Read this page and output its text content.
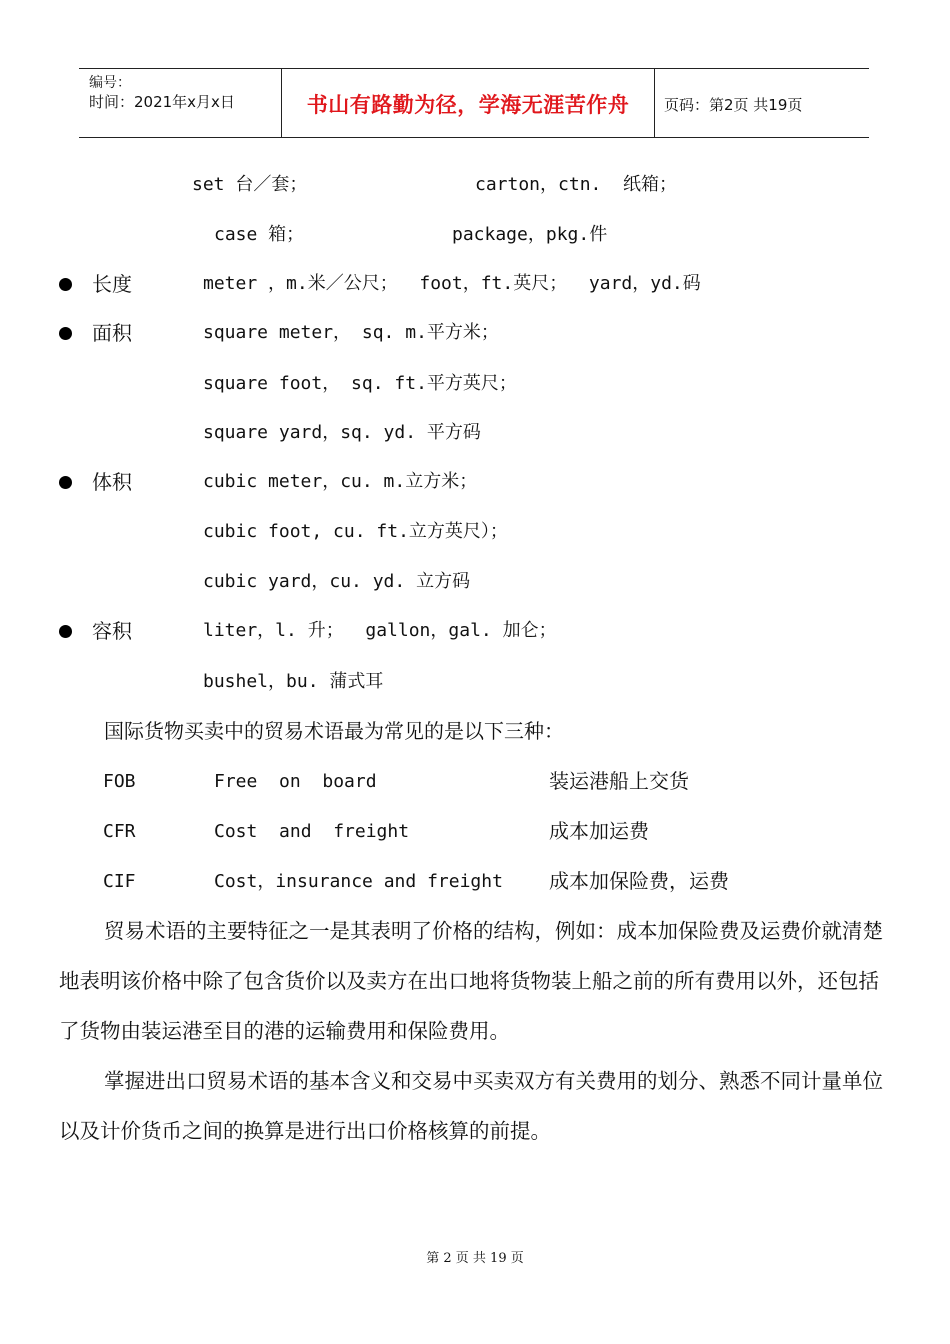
编号：
时间：2021年x月x日	书山有路勤为径，学海无涯苦作舟	页码：第2页 共19页
set 台／套；	carton，ctn.  纸箱；
case 箱；	package，pkg.件
长度	meter ，m.米／公尺；  foot，ft.英尺；  yard，yd.码
面积	square meter， sq. m.平方米；
square foot， sq. ft.平方英尺；
square yard，sq. yd. 平方码
体积	cubic meter，cu. m.立方米；
cubic foot, cu. ft.立方英尺）；
cubic yard，cu. yd. 立方码
容积	liter，l. 升；  gallon，gal. 加仑；
bushel，bu. 蒲式耳
国际货物买卖中的贸易术语最为常见的是以下三种：
FOB	Free  on  board	装运港船上交货
CFR	Cost  and  freight	成本加运费
CIF	Cost，insurance and freight 成本加保险费，运费
贸易术语的主要特征之一是其表明了价格的结构，例如：成本加保险费及运费价就清楚地表明该价格中除了包含货价以及卖方在出口地将货物装上船之前的所有费用以外，还包括了货物由装运港至目的港的运输费用和保险费用。
掌握进出口贸易术语的基本含义和交易中买卖双方有关费用的划分、熟悉不同计量单位以及计价货币之间的换算是进行出口价格核算的前提。
第 2 页 共 19 页
